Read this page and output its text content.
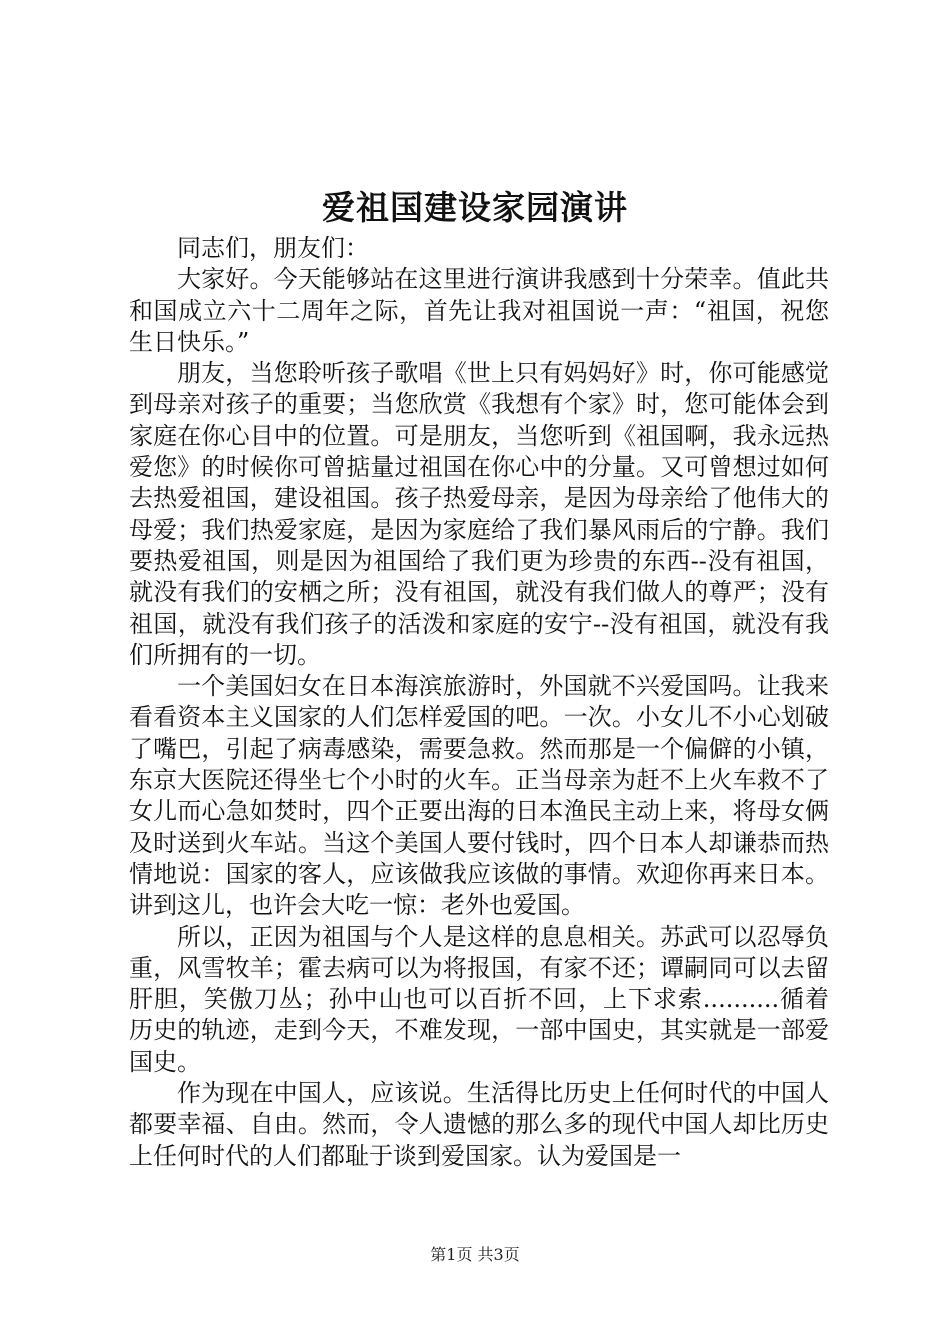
爱祖国建设家园演讲

同志们，朋友们：

大家好。今天能够站在这里进行演讲我感到十分荣幸。值此共和国成立六十二周年之际，首先让我对祖国说一声：“祖国，祝您生日快乐。”

朋友，当您聆听孩子歌唱《世上只有妈妈好》时，你可能感觉到母亲对孩子的重要；当您欣赏《我想有个家》时，您可能体会到家庭在你心目中的位置。可是朋友，当您听到《祖国啊，我永远热爱您》的时候你可曾掂量过祖国在你心中的分量。又可曾想过如何去热爱祖国，建设祖国。孩子热爱母亲，是因为母亲给了他伟大的母爱；我们热爱家庭，是因为家庭给了我们暴风雨后的宁静。我们要热爱祖国，则是因为祖国给了我们更为珍贵的东西--没有祖国，就没有我们的安栖之所；没有祖国，就没有我们做人的尊严；没有祖国，就没有我们孩子的活泼和家庭的安宁--没有祖国，就没有我们所拥有的一切。

一个美国妇女在日本海滨旅游时，外国就不兴爱国吗。让我来看看资本主义国家的人们怎样爱国的吧。一次。小女儿不小心划破了嘴巴，引起了病毒感染，需要急救。然而那是一个偏僻的小镇，东京大医院还得坐七个小时的火车。正当母亲为赶不上火车救不了女儿而心急如焚时，四个正要出海的日本渔民主动上来，将母女俩及时送到火车站。当这个美国人要付钱时，四个日本人却谦恭而热情地说：国家的客人，应该做我应该做的事情。欢迎你再来日本。讲到这儿，也许会大吃一惊：老外也爱国。

所以，正因为祖国与个人是这样的息息相关。苏武可以忍辱负重，风雪牧羊；霍去病可以为将报国，有家不还；谭嗣同可以去留肝胆，笑傲刀丛；孙中山也可以百折不回，上下求索..........循着历史的轨迹，走到今天，不难发现，一部中国史，其实就是一部爱国史。

作为现在中国人，应该说。生活得比历史上任何时代的中国人都要幸福、自由。然而，令人遗憾的那么多的现代中国人却比历史上任何时代的人们都耻于谈到爱国家。认为爱国是一

第1页 共3页
